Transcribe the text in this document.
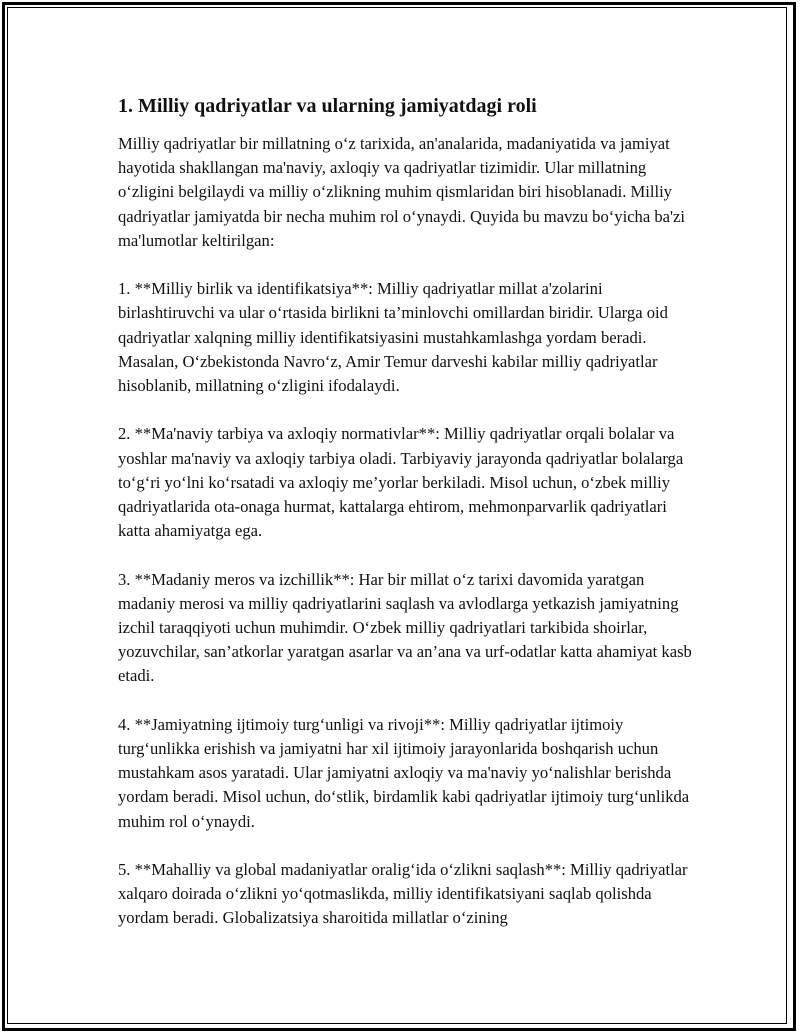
1. Milliy qadriyatlar va ularning jamiyatdagi roli

Milliy qadriyatlar bir millatning o‘z tarixida, an'analarida, madaniyatida va jamiyat hayotida shakllangan ma'naviy, axloqiy va qadriyatlar tizimidir. Ular millatning o‘zligini belgilaydi va milliy o‘zlikning muhim qismlaridan biri hisoblanadi. Milliy qadriyatlar jamiyatda bir necha muhim rol o‘ynaydi. Quyida bu mavzu bo‘yicha ba'zi ma'lumotlar keltirilgan:

1. **Milliy birlik va identifikatsiya**: Milliy qadriyatlar millat a'zolarini birlashtiruvchi va ular o‘rtasida birlikni ta’minlovchi omillardan biridir. Ularga oid qadriyatlar xalqning milliy identifikatsiyasini mustahkamlashga yordam beradi. Masalan, O‘zbekistonda Navro‘z, Amir Temur darveshi kabilar milliy qadriyatlar hisoblanib, millatning o‘zligini ifodalaydi.

2. **Ma'naviy tarbiya va axloqiy normativlar**: Milliy qadriyatlar orqali bolalar va yoshlar ma'naviy va axloqiy tarbiya oladi. Tarbiyaviy jarayonda qadriyatlar bolalarga to‘g‘ri yo‘lni ko‘rsatadi va axloqiy me’yorlar berkiladi. Misol uchun, o‘zbek milliy qadriyatlarida ota-onaga hurmat, kattalarga ehtirom, mehmonparvarlik qadriyatlari katta ahamiyatga ega.

3. **Madaniy meros va izchillik**: Har bir millat o‘z tarixi davomida yaratgan madaniy merosi va milliy qadriyatlarini saqlash va avlodlarga yetkazish jamiyatning izchil taraqqiyoti uchun muhimdir. O‘zbek milliy qadriyatlari tarkibida shoirlar, yozuvchilar, san’atkorlar yaratgan asarlar va an’ana va urf-odatlar katta ahamiyat kasb etadi.

4. **Jamiyatning ijtimoiy turg‘unligi va rivoji**: Milliy qadriyatlar ijtimoiy turg‘unlikka erishish va jamiyatni har xil ijtimoiy jarayonlarida boshqarish uchun mustahkam asos yaratadi. Ular jamiyatni axloqiy va ma'naviy yo‘nalishlar berishda yordam beradi. Misol uchun, do‘stlik, birdamlik kabi qadriyatlar ijtimoiy turg‘unlikda muhim rol o‘ynaydi.

5. **Mahalliy va global madaniyatlar oralig‘ida o‘zlikni saqlash**: Milliy qadriyatlar xalqaro doirada o‘zlikni yo‘qotmaslikda, milliy identifikatsiyani saqlab qolishda yordam beradi. Globalizatsiya sharoitida millatlar o‘zining
